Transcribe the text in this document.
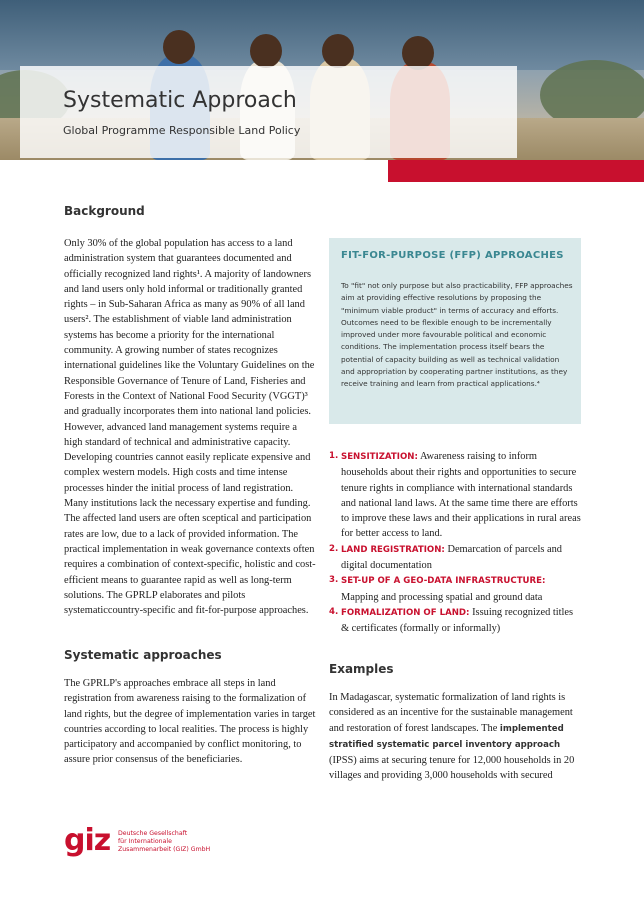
Systematic Approach

Global Programme Responsible Land Policy

Background

Only 30% of the global population has access to a land administration system that guarantees documented and officially recognized land rights¹. A majority of landowners and land users only hold informal or traditionally granted rights – in Sub-Saharan Africa as many as 90% of all land users². The establishment of viable land administration systems has become a priority for the international community. A growing number of states recognizes international guidelines like the Voluntary Guidelines on the Responsible Governance of Tenure of Land, Fisheries and Forests in the Context of National Food Security (VGGT)³ and gradually incorporates them into national land policies. However, advanced land management systems require a high standard of technical and administrative capacity. Developing countries cannot easily replicate expensive and complex western models. High costs and time intense processes hinder the initial process of land registration. Many institutions lack the necessary expertise and funding. The affected land users are often sceptical and participation rates are low, due to a lack of provided information. The practical implementation in weak governance contexts often requires a combination of context-specific, holistic and cost-efficient means to guarantee rapid as well as long-term solutions. The GPRLP elaborates and pilots systematiccountry-specific and fit-for-purpose approaches.

Systematic approaches

The GPRLP's approaches embrace all steps in land registration from awareness raising to the formalization of land rights, but the degree of implementation varies in target countries according to local realities. The process is highly participatory and accompanied by conflict monitoring, to assure prior consensus of the beneficiaries.

FIT-FOR-PURPOSE (FFP) APPROACHES

To "fit" not only purpose but also practicability, FFP approaches aim at providing effective resolutions by proposing the "minimum viable product" in terms of accuracy and efforts. Outcomes need to be flexible enough to be incrementally improved under more favourable political and economic conditions. The implementation process itself bears the potential of capacity building as well as technical validation and appropriation by cooperating partner institutions, as they receive training and learn from practical applications.⁴

1. SENSITIZATION: Awareness raising to inform households about their rights and opportunities to secure tenure rights in compliance with international standards and national land laws. At the same time there are efforts to improve these laws and their applications in rural areas for better access to land.
2. LAND REGISTRATION: Demarcation of parcels and digital documentation
3. SET-UP OF A GEO-DATA INFRASTRUCTURE: Mapping and processing spatial and ground data
4. FORMALIZATION OF LAND: Issuing recognized titles & certificates (formally or informally)
Examples

In Madagascar, systematic formalization of land rights is considered as an incentive for the sustainable management and restoration of forest landscapes. The implemented stratified systematic parcel inventory approach (IPSS) aims at securing tenure for 12,000 households in 20 villages and providing 3,000 households with secured

giz Deutsche Gesellschaft
für Internationale
Zusammenarbeit (GIZ) GmbH
